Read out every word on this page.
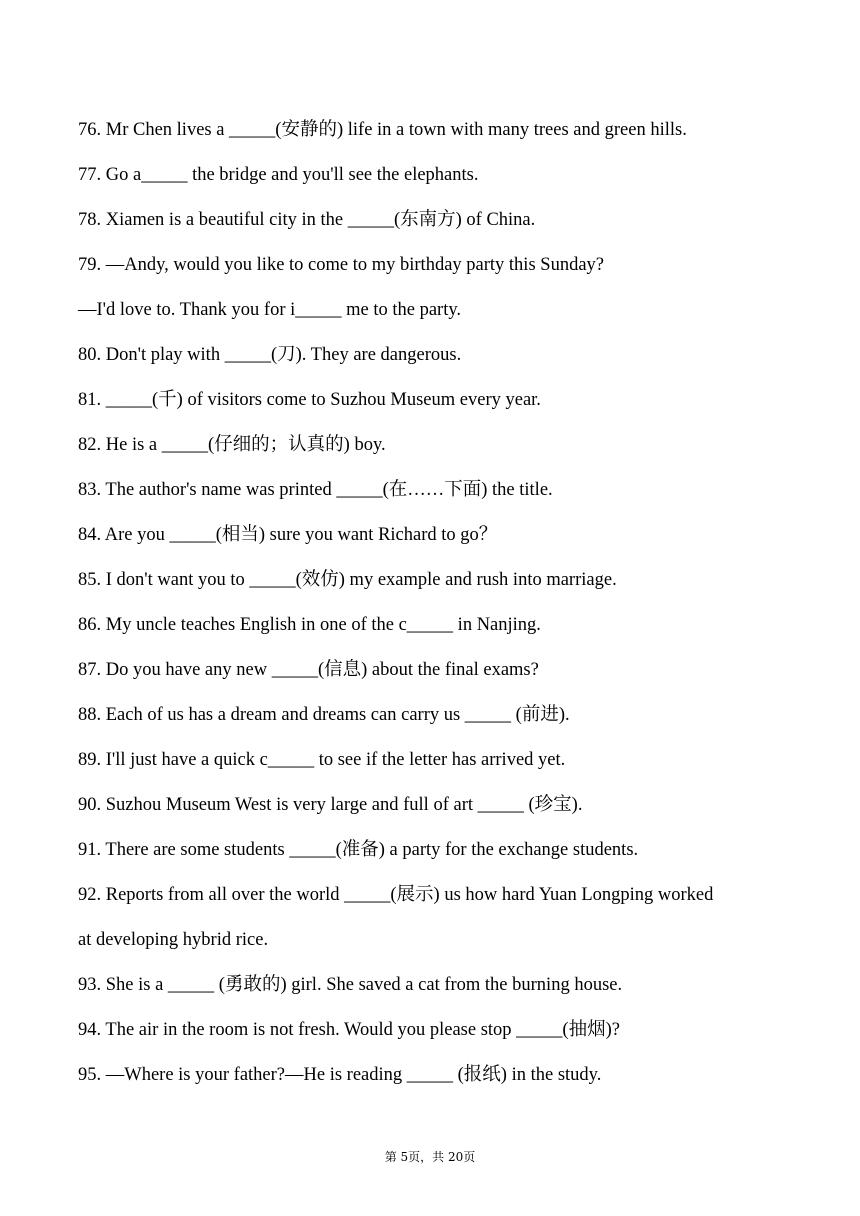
76. Mr Chen lives a _____(安静的) life in a town with many trees and green hills.
77. Go a_____ the bridge and you'll see the elephants.
78. Xiamen is a beautiful city in the _____(东南方) of China.
79. —Andy, would you like to come to my birthday party this Sunday?
—I'd love to. Thank you for i_____ me to the party.
80. Don't play with _____(刀). They are dangerous.
81. _____(千) of visitors come to Suzhou Museum every year.
82. He is a _____(仔细的；认真的) boy.
83. The author's name was printed _____(在……下面) the title.
84. Are you _____(相当) sure you want Richard to go？
85. I don't want you to _____(效仿) my example and rush into marriage.
86. My uncle teaches English in one of the c_____ in Nanjing.
87. Do you have any new _____(信息) about the final exams?
88. Each of us has a dream and dreams can carry us _____ (前进).
89. I'll just have a quick c_____ to see if the letter has arrived yet.
90. Suzhou Museum West is very large and full of art _____ (珍宝).
91. There are some students _____(准备) a party for the exchange students.
92. Reports from all over the world _____(展示) us how hard Yuan Longping worked
at developing hybrid rice.
93. She is a _____ (勇敢的) girl. She saved a cat from the burning house.
94. The air in the room is not fresh. Would you please stop _____(抽烟)?
95. —Where is your father?—He is reading _____ (报纸) in the study.
第 5页，共 20页
